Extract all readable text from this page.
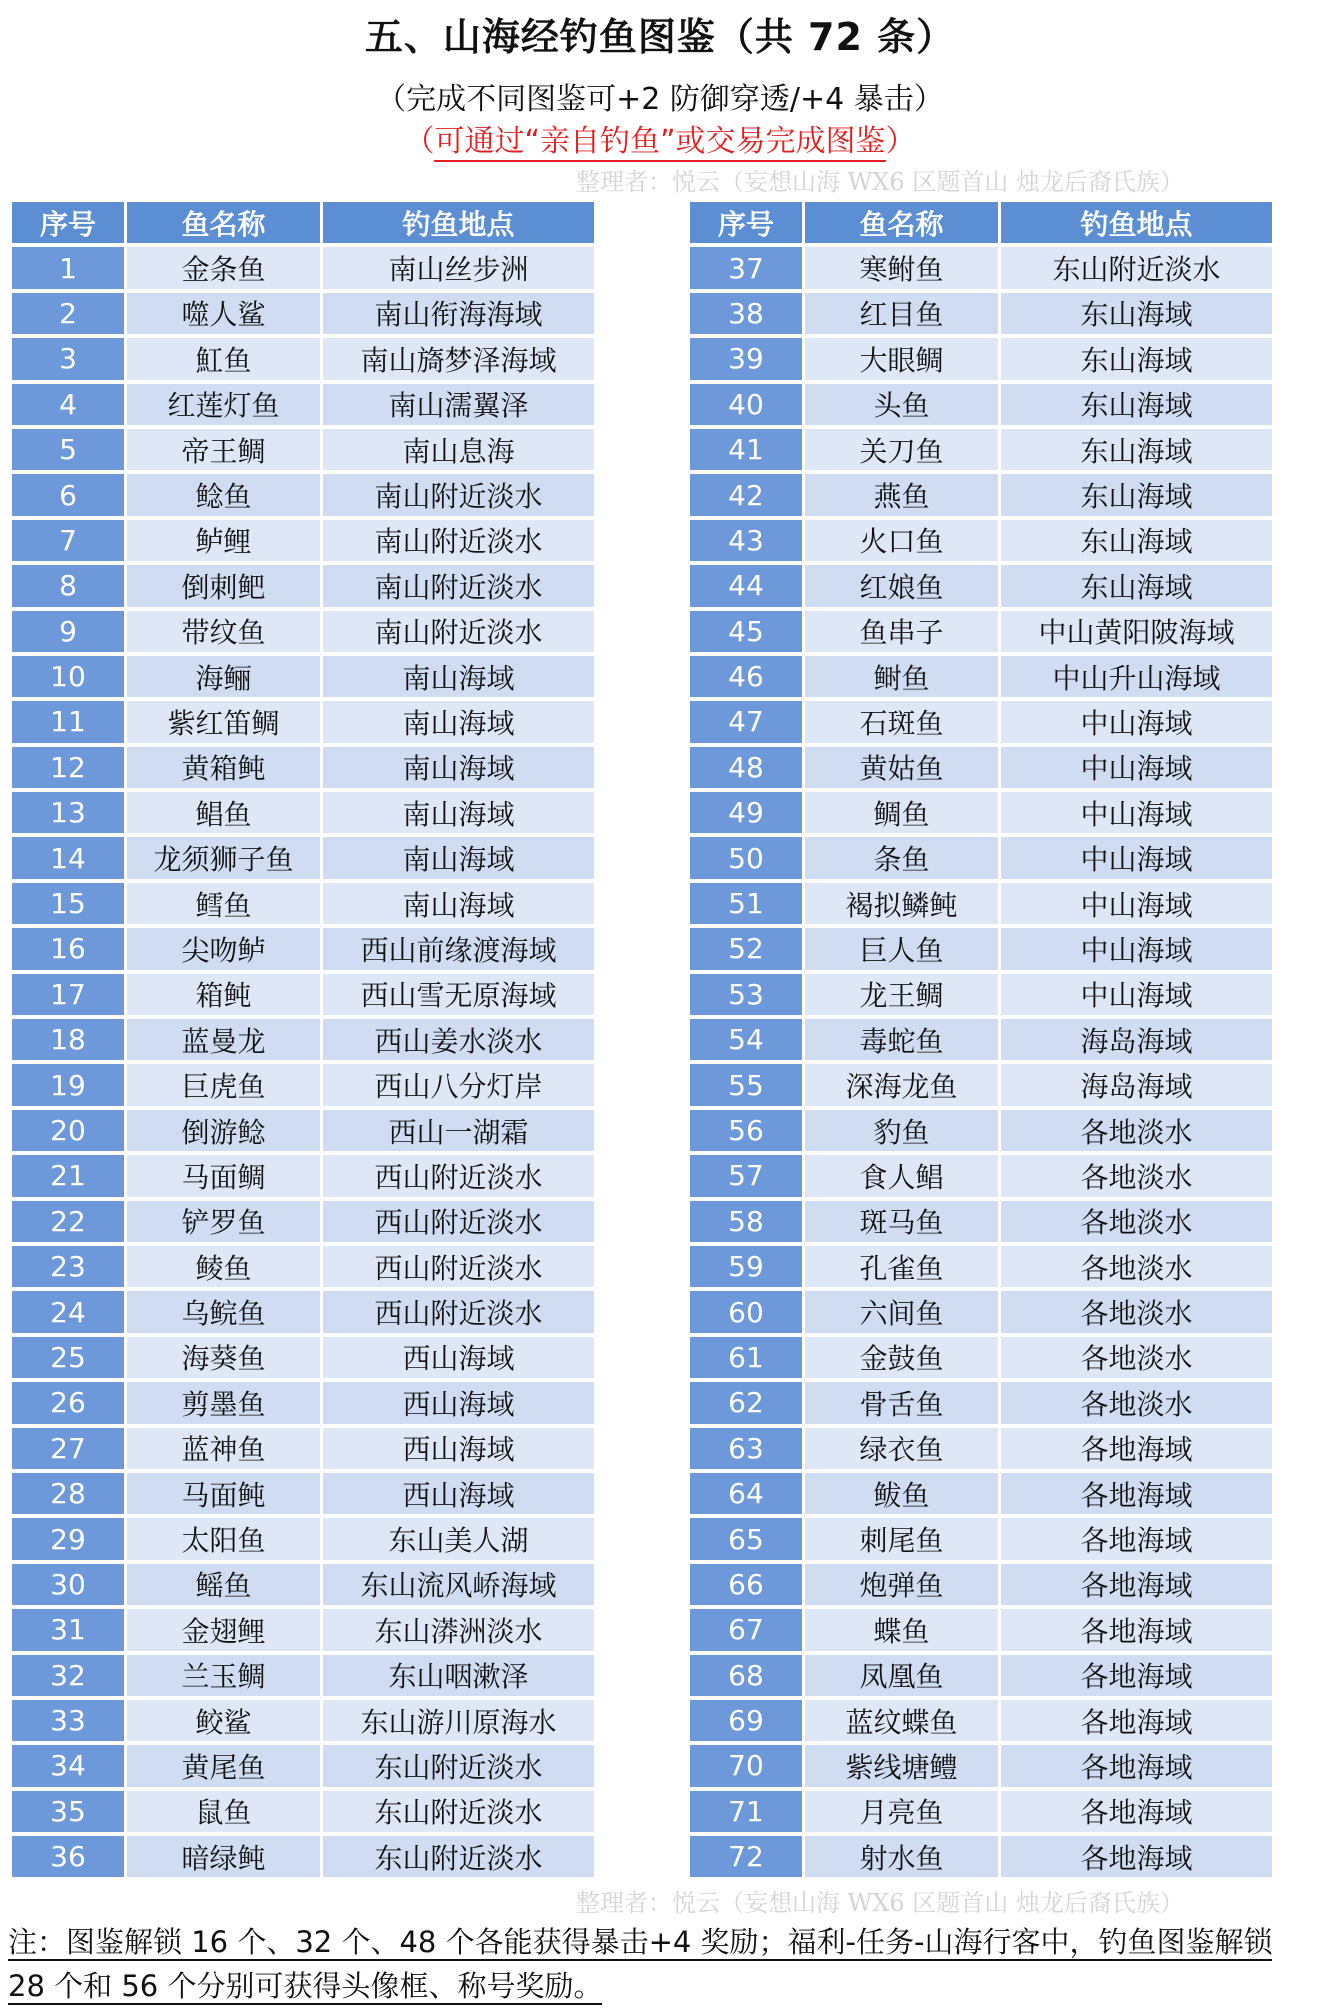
五、山海经钓鱼图鉴（共 72 条）
（完成不同图鉴可+2 防御穿透/+4 暴击）
（可通过“亲自钓鱼”或交易完成图鉴）
整理者：悦云（妄想山海 WX6 区题首山 烛龙后裔氏族）
序号	鱼名称	钓鱼地点
1	金条鱼	南山丝步洲
2	噬人鲨	南山衔海海域
3	魟鱼	南山旖梦泽海域
4	红莲灯鱼	南山濡翼泽
5	帝王鲷	南山息海
6	鲶鱼	南山附近淡水
7	鲈鲤	南山附近淡水
8	倒刺鲃	南山附近淡水
9	带纹鱼	南山附近淡水
10	海鲡	南山海域
11	紫红笛鲷	南山海域
12	黄箱鲀	南山海域
13	鲳鱼	南山海域
14	龙须狮子鱼	南山海域
15	鳕鱼	南山海域
16	尖吻鲈	西山前缘渡海域
17	箱鲀	西山雪无原海域
18	蓝曼龙	西山姜水淡水
19	巨虎鱼	西山八分灯岸
20	倒游鲶	西山一湖霜
21	马面鲷	西山附近淡水
22	铲罗鱼	西山附近淡水
23	鲮鱼	西山附近淡水
24	乌鲩鱼	西山附近淡水
25	海葵鱼	西山海域
26	剪墨鱼	西山海域
27	蓝神鱼	西山海域
28	马面鲀	西山海域
29	太阳鱼	东山美人湖
30	鳐鱼	东山流风峤海域
31	金翅鲤	东山漭洲淡水
32	兰玉鲷	东山咽漱泽
33	鲛鲨	东山游川原海水
34	黄尾鱼	东山附近淡水
35	鼠鱼	东山附近淡水
36	暗绿鲀	东山附近淡水
序号	鱼名称	钓鱼地点
37	寒鲋鱼	东山附近淡水
38	红目鱼	东山海域
39	大眼鲷	东山海域
40	头鱼	东山海域
41	关刀鱼	东山海域
42	燕鱼	东山海域
43	火口鱼	东山海域
44	红娘鱼	东山海域
45	鱼串子	中山黄阳陂海域
46	鲥鱼	中山升山海域
47	石斑鱼	中山海域
48	黄姑鱼	中山海域
49	鲷鱼	中山海域
50	条鱼	中山海域
51	褐拟鳞鲀	中山海域
52	巨人鱼	中山海域
53	龙王鲷	中山海域
54	毒蛇鱼	海岛海域
55	深海龙鱼	海岛海域
56	豹鱼	各地淡水
57	食人鲳	各地淡水
58	斑马鱼	各地淡水
59	孔雀鱼	各地淡水
60	六间鱼	各地淡水
61	金鼓鱼	各地淡水
62	骨舌鱼	各地淡水
63	绿衣鱼	各地海域
64	鲅鱼	各地海域
65	刺尾鱼	各地海域
66	炮弹鱼	各地海域
67	蝶鱼	各地海域
68	凤凰鱼	各地海域
69	蓝纹蝶鱼	各地海域
70	紫线塘鳢	各地海域
71	月亮鱼	各地海域
72	射水鱼	各地海域
整理者：悦云（妄想山海 WX6 区题首山 烛龙后裔氏族）
注：图鉴解锁 16 个、32 个、48 个各能获得暴击+4 奖励；福利-任务-山海行客中，钓鱼图鉴解锁 28 个和 56 个分别可获得头像框、称号奖励。
